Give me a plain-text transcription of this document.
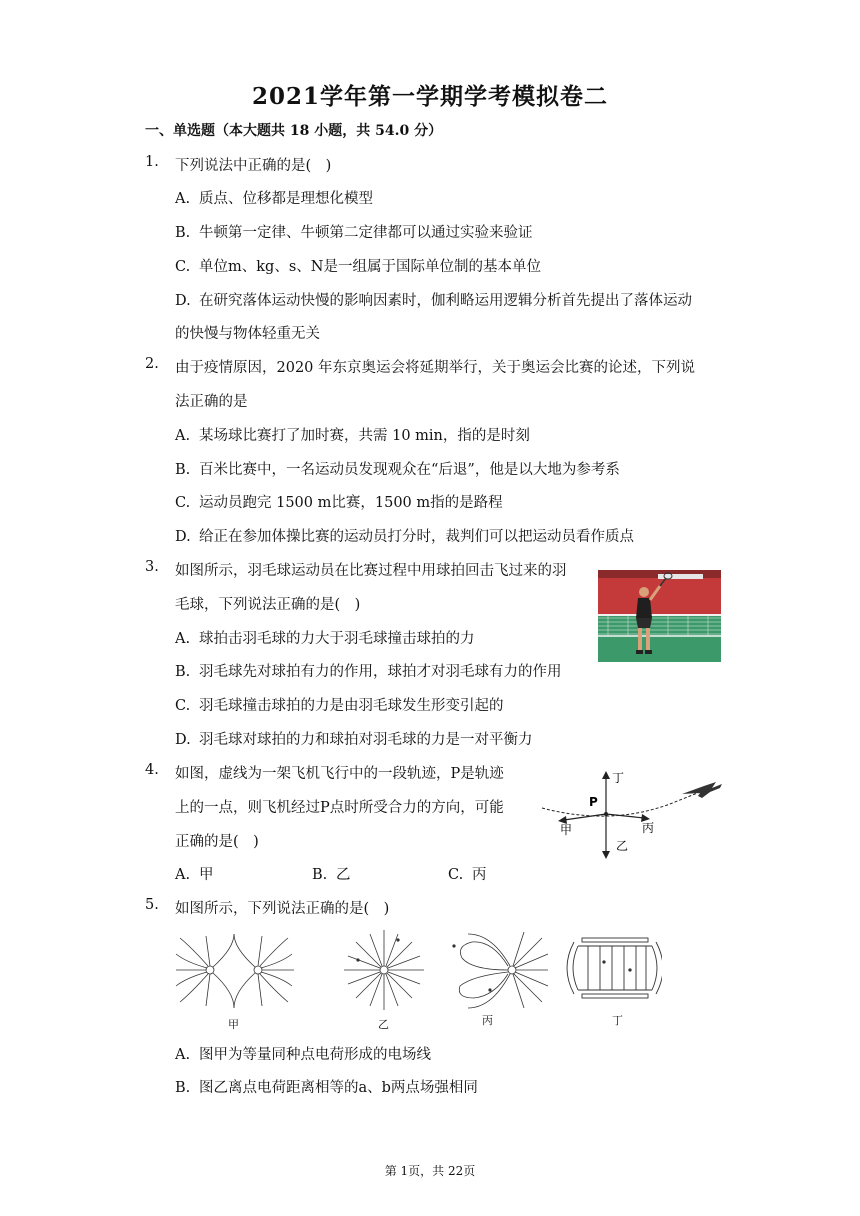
2021学年第一学期学考模拟卷二
一、单选题（本大题共 18 小题，共 54.0 分）
1. 下列说法中正确的是(　)
A. 质点、位移都是理想化模型
B. 牛顿第一定律、牛顿第二定律都可以通过实验来验证
C. 单位m、kg、s、N是一组属于国际单位制的基本单位
D. 在研究落体运动快慢的影响因素时，伽利略运用逻辑分析首先提出了落体运动
的快慢与物体轻重无关
2. 由于疫情原因，2020 年东京奥运会将延期举行，关于奥运会比赛的论述，下列说
法正确的是
A. 某场球比赛打了加时赛，共需 10 min，指的是时刻
B. 百米比赛中，一名运动员发现观众在“后退”，他是以大地为参考系
C. 运动员跑完 1500 m比赛，1500 m指的是路程
D. 给正在参加体操比赛的运动员打分时，裁判们可以把运动员看作质点
3. 如图所示，羽毛球运动员在比赛过程中用球拍回击飞过来的羽
毛球，下列说法正确的是(　)
A. 球拍击羽毛球的力大于羽毛球撞击球拍的力
B. 羽毛球先对球拍有力的作用，球拍才对羽毛球有力的作用
C. 羽毛球撞击球拍的力是由羽毛球发生形变引起的
D. 羽毛球对球拍的力和球拍对羽毛球的力是一对平衡力
4. 如图，虚线为一架飞机飞行中的一段轨迹，P是轨迹
上的一点，则飞机经过P点时所受合力的方向，可能
正确的是(　)
A. 甲	B. 乙	C. 丙
P
丁
甲	丙
乙
5. 如图所示，下列说法正确的是(　)
甲	乙	丙	丁
A. 图甲为等量同种点电荷形成的电场线
B. 图乙离点电荷距离相等的a、b两点场强相同
第 1页，共 22页
